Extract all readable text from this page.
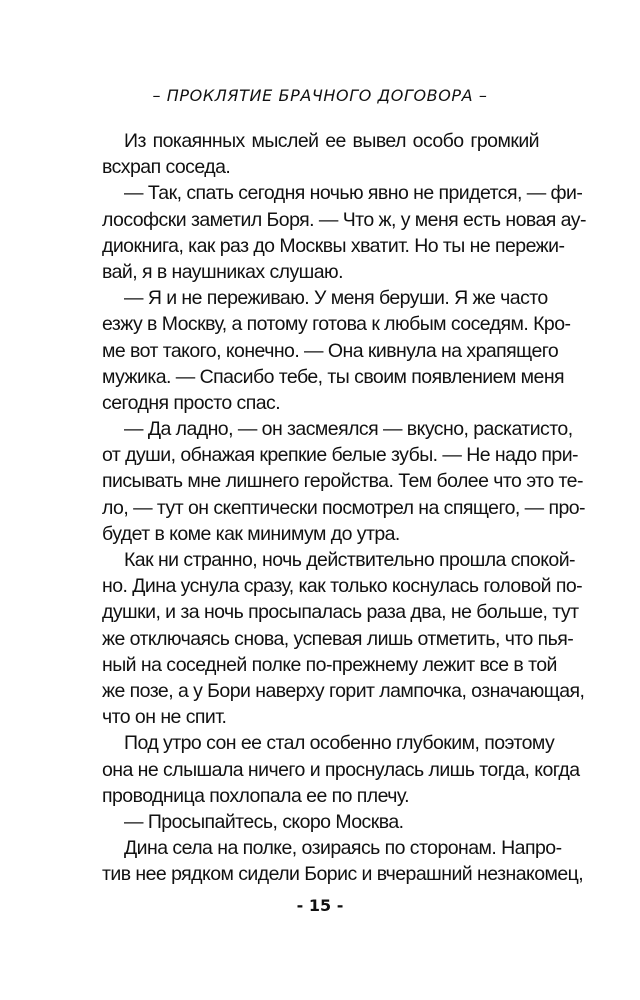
– ПРОКЛЯТИЕ БРАЧНОГО ДОГОВОРА –
Из покаянных мыслей ее вывел особо громкий
всхрап соседа.
— Так, спать сегодня ночью явно не придется, — фи-
лософски заметил Боря. — Что ж, у меня есть новая ау-
диокнига, как раз до Москвы хватит. Но ты не пережи-
вай, я в наушниках слушаю.
— Я и не переживаю. У меня беруши. Я же часто
езжу в Москву, а потому готова к любым соседям. Кро-
ме вот такого, конечно. — Она кивнула на храпящего
мужика. — Спасибо тебе, ты своим появлением меня
сегодня просто спас.
— Да ладно, — он засмеялся — вкусно, раскатисто,
от души, обнажая крепкие белые зубы. — Не надо при-
писывать мне лишнего геройства. Тем более что это те-
ло, — тут он скептически посмотрел на спящего, — про-
будет в коме как минимум до утра.
Как ни странно, ночь действительно прошла спокой-
но. Дина уснула сразу, как только коснулась головой по-
душки, и за ночь просыпалась раза два, не больше, тут
же отключаясь снова, успевая лишь отметить, что пья-
ный на соседней полке по-прежнему лежит все в той
же позе, а у Бори наверху горит лампочка, означающая,
что он не спит.
Под утро сон ее стал особенно глубоким, поэтому
она не слышала ничего и проснулась лишь тогда, когда
проводница похлопала ее по плечу.
— Просыпайтесь, скоро Москва.
Дина села на полке, озираясь по сторонам. Напро-
тив нее рядком сидели Борис и вчерашний незнакомец,
- 15 -
